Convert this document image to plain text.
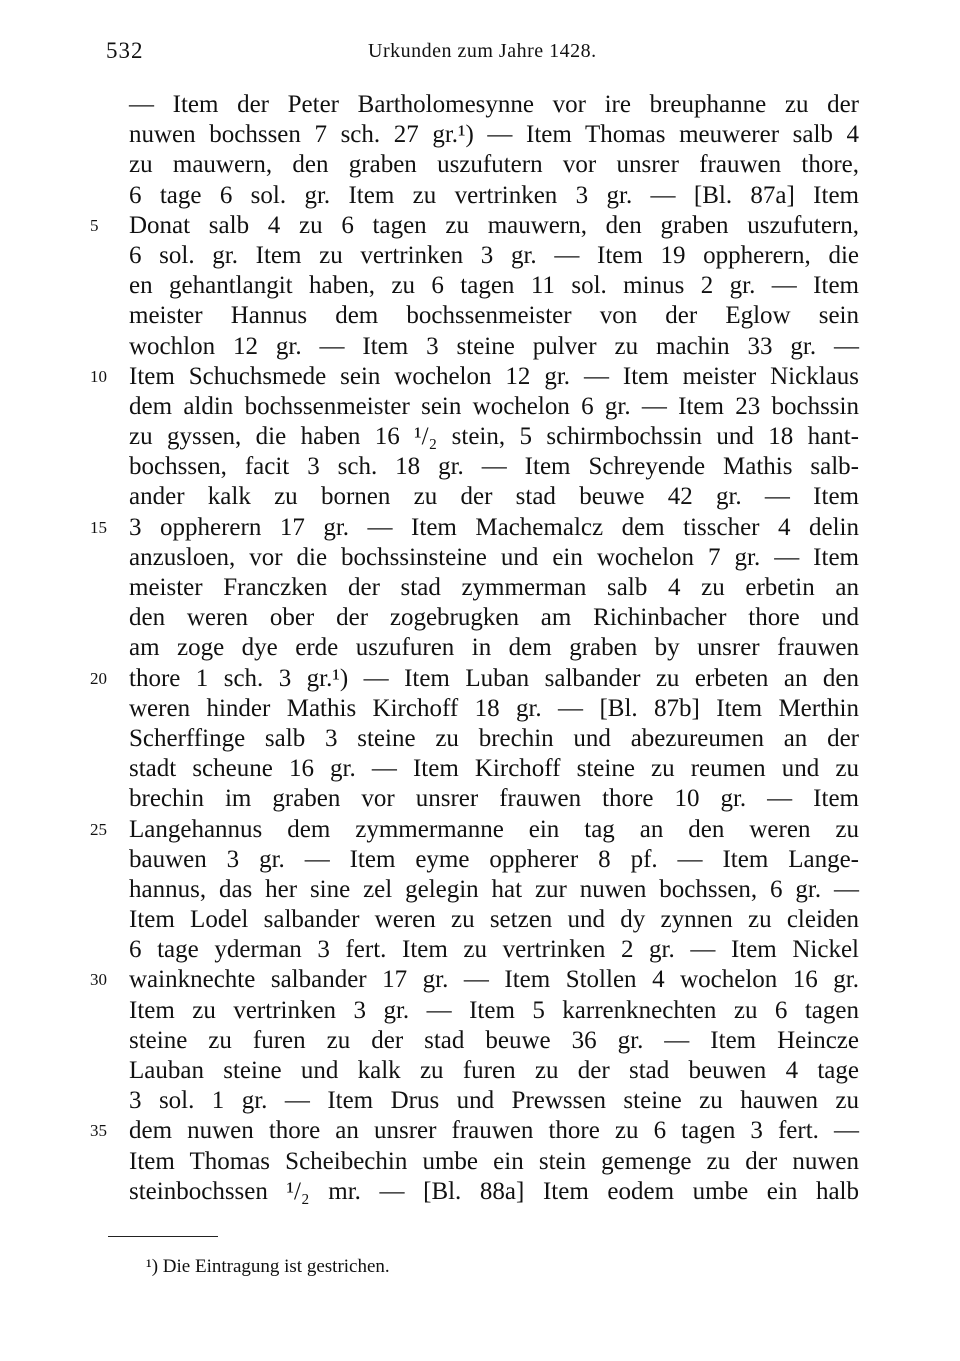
532	Urkunden zum Jahre 1428.
— Item der Peter Bartholomesynne vor ire breuphanne zu der
nuwen bochssen 7 sch. 27 gr.¹) — Item Thomas meuwerer salb 4
zu mauwern, den graben uszufutern vor unsrer frauwen thore,
6 tage 6 sol. gr. Item zu vertrinken 3 gr. — [Bl. 87a] Item
5	Donat salb 4 zu 6 tagen zu mauwern, den graben uszufutern,
6 sol. gr. Item zu vertrinken 3 gr. — Item 19 oppherern, die
en gehantlangit haben, zu 6 tagen 11 sol. minus 2 gr. — Item
meister Hannus dem bochssenmeister von der Eglow sein
wochlon 12 gr. — Item 3 steine pulver zu machin 33 gr. —
10 Item Schuchsmede sein wochelon 12 gr. — Item meister Nicklaus
dem aldin bochssenmeister sein wochelon 6 gr. — Item 23 bochssin
zu gyssen, die haben 16 ¹/₂ stein, 5 schirmbochssin und 18 hant-
bochssen, facit 3 sch. 18 gr. — Item Schreyende Mathis salb-
ander kalk zu bornen zu der stad beuwe 42 gr. — Item
15 3 oppherern 17 gr. — Item Machemalcz dem tisscher 4 delin
anzusloen, vor die bochssinsteine und ein wochelon 7 gr. — Item
meister Franczken der stad zymmerman salb 4 zu erbetin an
den weren ober der zogebrugken am Richinbacher thore und
am zoge dye erde uszufuren in dem graben by unsrer frauwen
20 thore 1 sch. 3 gr.¹) — Item Luban salbander zu erbeten an den
weren hinder Mathis Kirchoff 18 gr. — [Bl. 87b] Item Merthin
Scherffinge salb 3 steine zu brechin und abezureumen an der
stadt scheune 16 gr. — Item Kirchoff steine zu reumen und zu
brechin im graben vor unsrer frauwen thore 10 gr. — Item
25 Langehannus dem zymmermanne ein tag an den weren zu
bauwen 3 gr. — Item eyme oppherer 8 pf. — Item Lange-
hannus, das her sine zel gelegin hat zur nuwen bochssen, 6 gr. —
Item Lodel salbander weren zu setzen und dy zynnen zu cleiden
6 tage yderman 3 fert. Item zu vertrinken 2 gr. — Item Nickel
30 wainknechte salbander 17 gr. — Item Stollen 4 wochelon 16 gr.
Item zu vertrinken 3 gr. — Item 5 karrenknechten zu 6 tagen
steine zu furen zu der stad beuwe 36 gr. — Item Heincze
Lauban steine und kalk zu furen zu der stad beuwen 4 tage
3 sol. 1 gr. — Item Drus und Prewssen steine zu hauwen zu
35 dem nuwen thore an unsrer frauwen thore zu 6 tagen 3 fert. —
Item Thomas Scheibechin umbe ein stein gemenge zu der nuwen
steinbochssen ¹/₂ mr. — [Bl. 88a] Item eodem umbe ein halb
¹) Die Eintragung ist gestrichen.
